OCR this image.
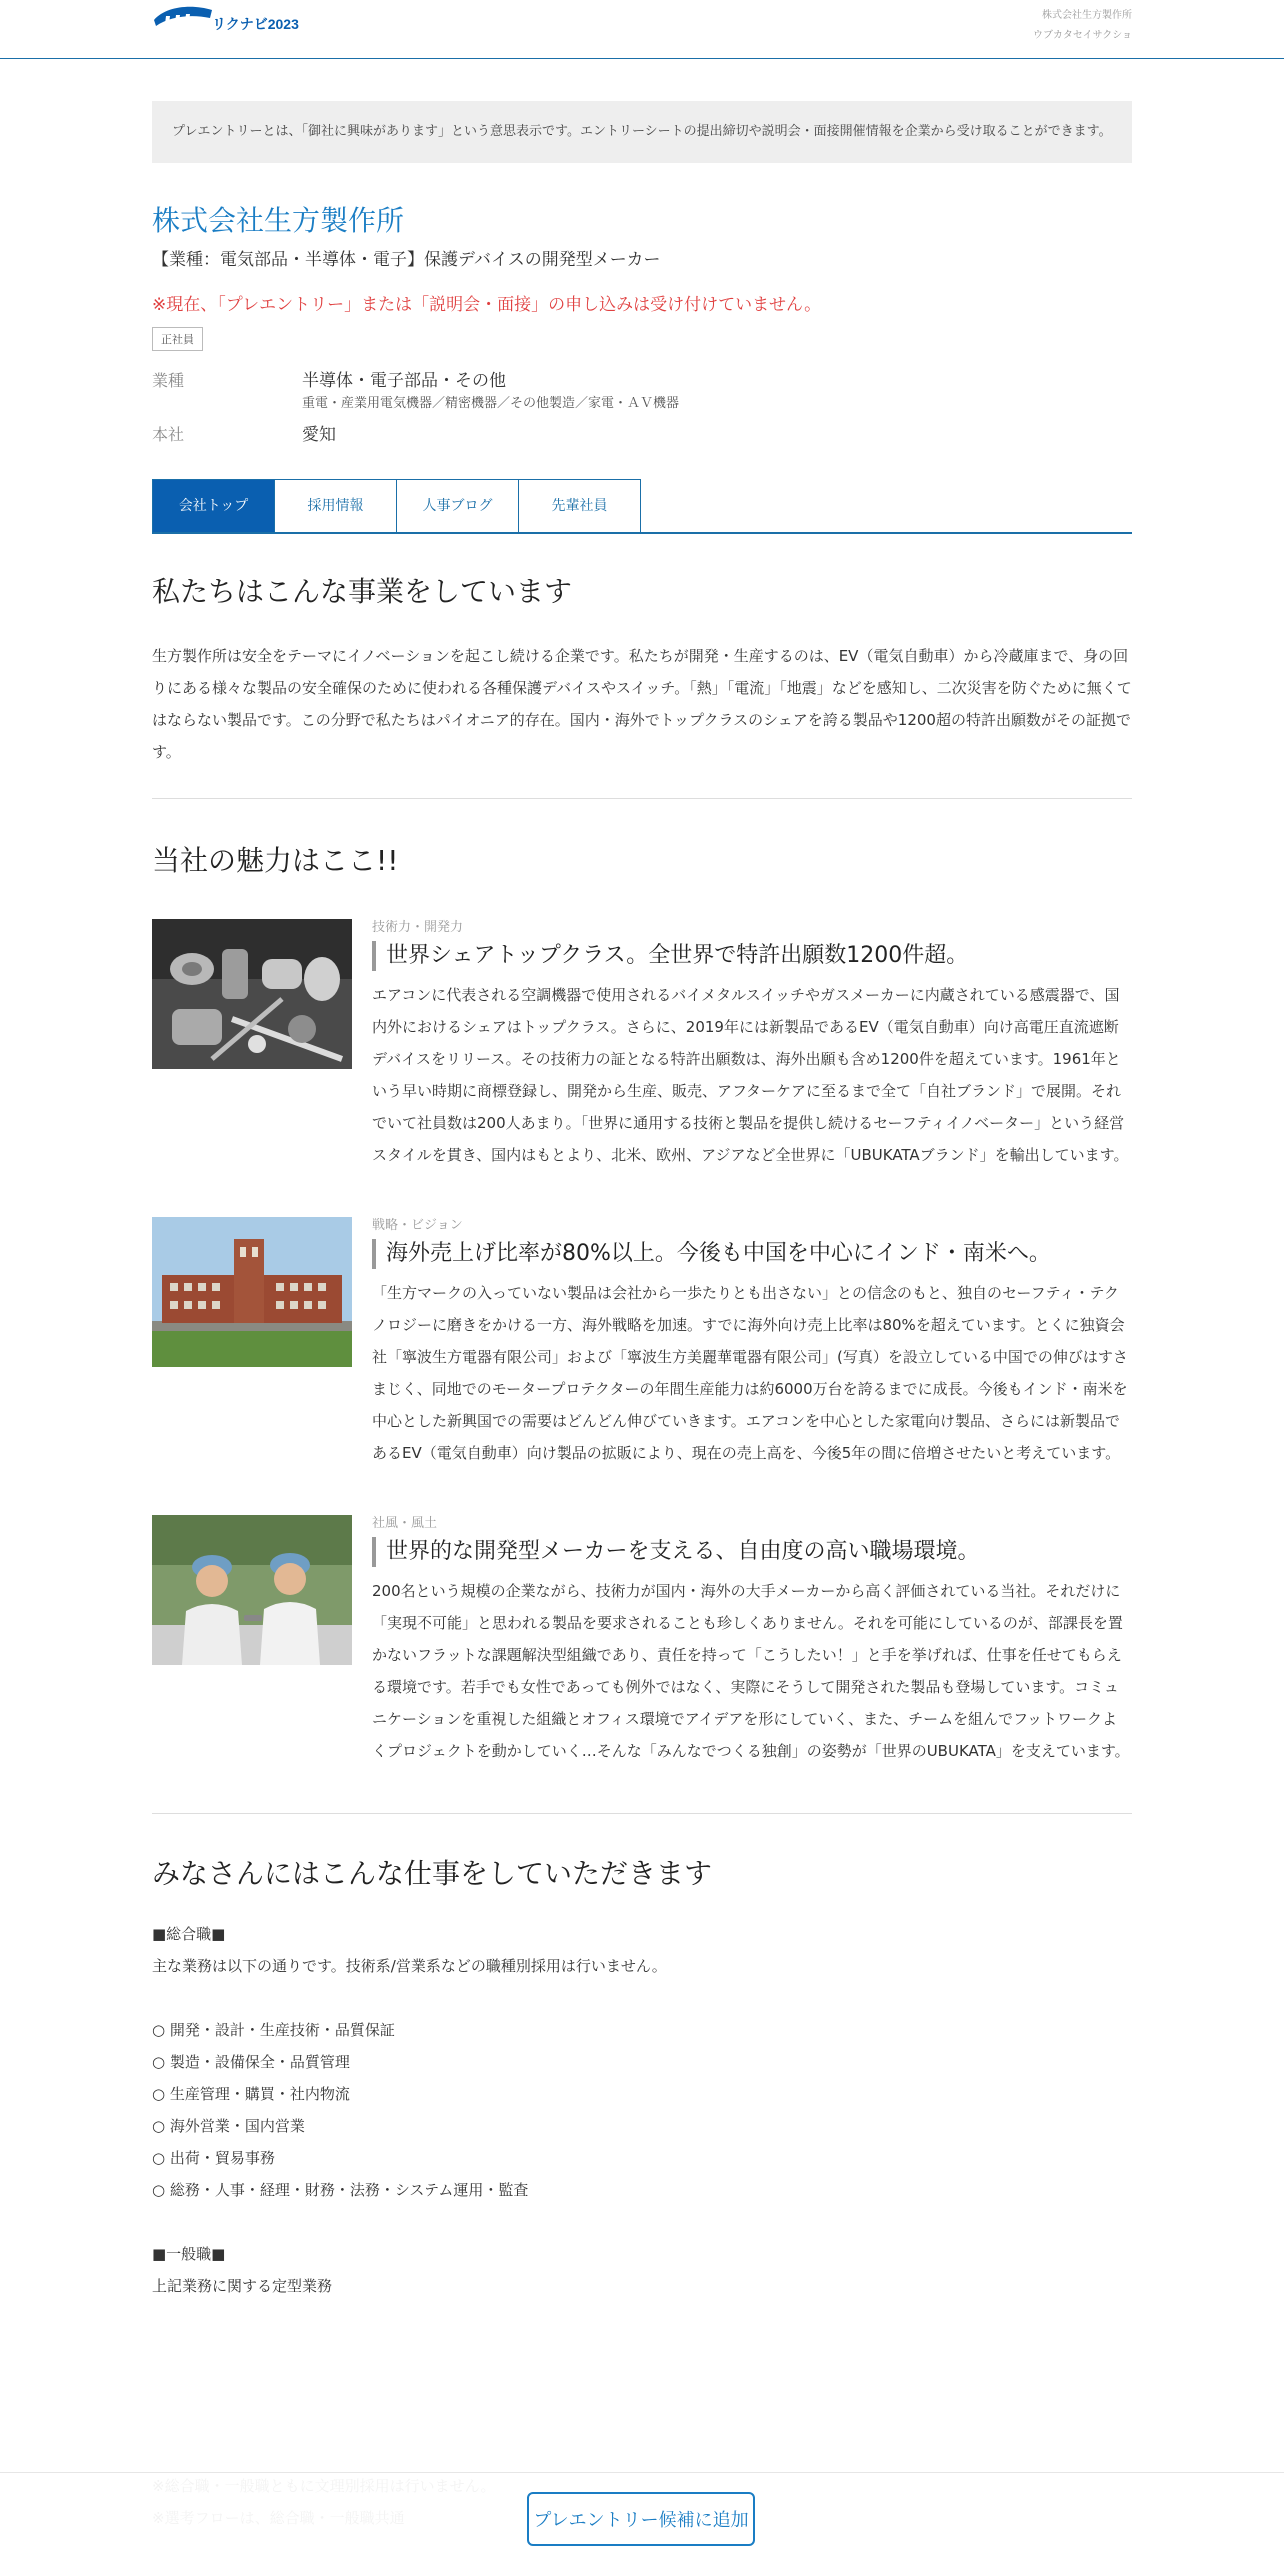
リクナビ2023
株式会社生方製作所
ウブカタセイサクショ
プレエントリーとは、「御社に興味があります」という意思表示です。エントリーシートの提出締切や説明会・面接開催情報を企業から受け取ることができます。
株式会社生方製作所
【業種：電気部品・半導体・電子】保護デバイスの開発型メーカー
※現在、「プレエントリー」または「説明会・面接」の申し込みは受け付けていません。
正社員
業種	半導体・電子部品・その他
重電・産業用電気機器／精密機器／その他製造／家電・ＡＶ機器
本社	愛知
会社トップ	採用情報	人事ブログ	先輩社員
私たちはこんな事業をしています
生方製作所は安全をテーマにイノベーションを起こし続ける企業です。私たちが開発・生産するのは、EV（電気自動車）から冷蔵庫まで、身の回りにある様々な製品の安全確保のために使われる各種保護デバイスやスイッチ。「熱」「電流」「地震」などを感知し、二次災害を防ぐために無くてはならない製品です。この分野で私たちはパイオニア的存在。国内・海外でトップクラスのシェアを誇る製品や1200超の特許出願数がその証拠です。
当社の魅力はここ!!
技術力・開発力
世界シェアトップクラス。全世界で特許出願数1200件超。
エアコンに代表される空調機器で使用されるバイメタルスイッチやガスメーカーに内蔵されている感震器で、国内外におけるシェアはトップクラス。さらに、2019年には新製品であるEV（電気自動車）向け高電圧直流遮断デバイスをリリース。その技術力の証となる特許出願数は、海外出願も含め1200件を超えています。1961年という早い時期に商標登録し、開発から生産、販売、アフターケアに至るまで全て「自社ブランド」で展開。それでいて社員数は200人あまり。「世界に通用する技術と製品を提供し続けるセーフティイノベーター」という経営スタイルを貫き、国内はもとより、北米、欧州、アジアなど全世界に「UBUKATAブランド」を輸出しています。
戦略・ビジョン
海外売上げ比率が80%以上。今後も中国を中心にインド・南米へ。
「生方マークの入っていない製品は会社から一歩たりとも出さない」との信念のもと、独自のセーフティ・テクノロジーに磨きをかける一方、海外戦略を加速。すでに海外向け売上比率は80%を超えています。とくに独資会社「寧波生方電器有限公司」および「寧波生方美麗華電器有限公司」(写真）を設立している中国での伸びはすさまじく、同地でのモータープロテクターの年間生産能力は約6000万台を誇るまでに成長。今後もインド・南米を中心とした新興国での需要はどんどん伸びていきます。エアコンを中心とした家電向け製品、さらには新製品であるEV（電気自動車）向け製品の拡販により、現在の売上高を、今後5年の間に倍増させたいと考えています。
社風・風土
世界的な開発型メーカーを支える、自由度の高い職場環境。
200名という規模の企業ながら、技術力が国内・海外の大手メーカーから高く評価されている当社。それだけに「実現不可能」と思われる製品を要求されることも珍しくありません。それを可能にしているのが、部課長を置かないフラットな課題解決型組織であり、責任を持って「こうしたい！」と手を挙げれば、仕事を任せてもらえる環境です。若手でも女性であっても例外ではなく、実際にそうして開発された製品も登場しています。コミュニケーションを重視した組織とオフィス環境でアイデアを形にしていく、また、チームを組んでフットワークよくプロジェクトを動かしていく…そんな「みんなでつくる独創」の姿勢が「世界のUBUKATA」を支えています。
みなさんにはこんな仕事をしていただきます
■総合職■
主な業務は以下の通りです。技術系/営業系などの職種別採用は行いません。
○ 開発・設計・生産技術・品質保証
○ 製造・設備保全・品質管理
○ 生産管理・購買・社内物流
○ 海外営業・国内営業
○ 出荷・貿易事務
○ 総務・人事・経理・財務・法務・システム運用・監査
■一般職■
上記業務に関する定型業務
プレエントリー候補に追加
